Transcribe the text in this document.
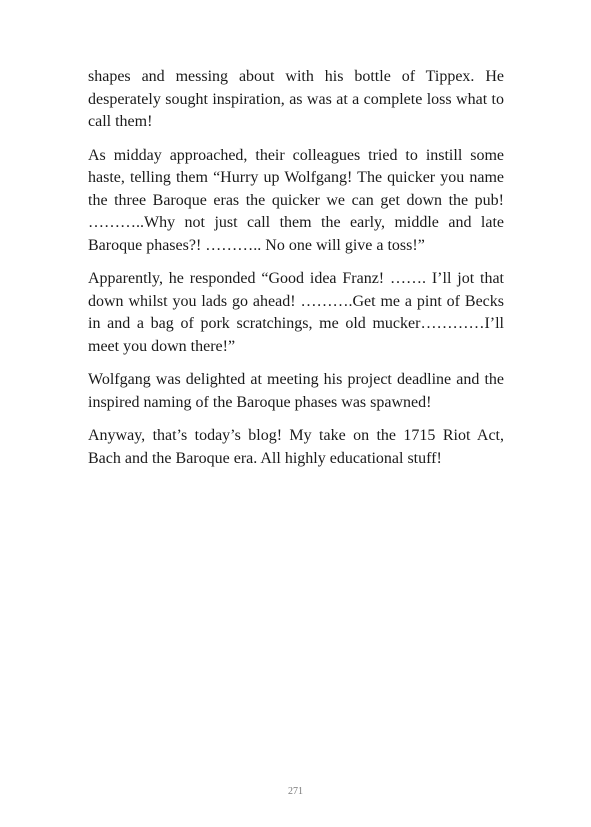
shapes and messing about with his bottle of Tippex. He desperately sought inspiration, as was at a complete loss what to call them!

As midday approached, their colleagues tried to instill some haste, telling them “Hurry up Wolfgang! The quicker you name the three Baroque eras the quicker we can get down the pub! ………..Why not just call them the early, middle and late Baroque phases?! ……….. No one will give a toss!”

Apparently, he responded “Good idea Franz! ……. I’ll jot that down whilst you lads go ahead! ……….Get me a pint of Becks in and a bag of pork scratchings, me old mucker…………I’ll meet you down there!”

Wolfgang was delighted at meeting his project deadline and the inspired naming of the Baroque phases was spawned!

Anyway, that’s today’s blog! My take on the 1715 Riot Act, Bach and the Baroque era. All highly educational stuff!

271
